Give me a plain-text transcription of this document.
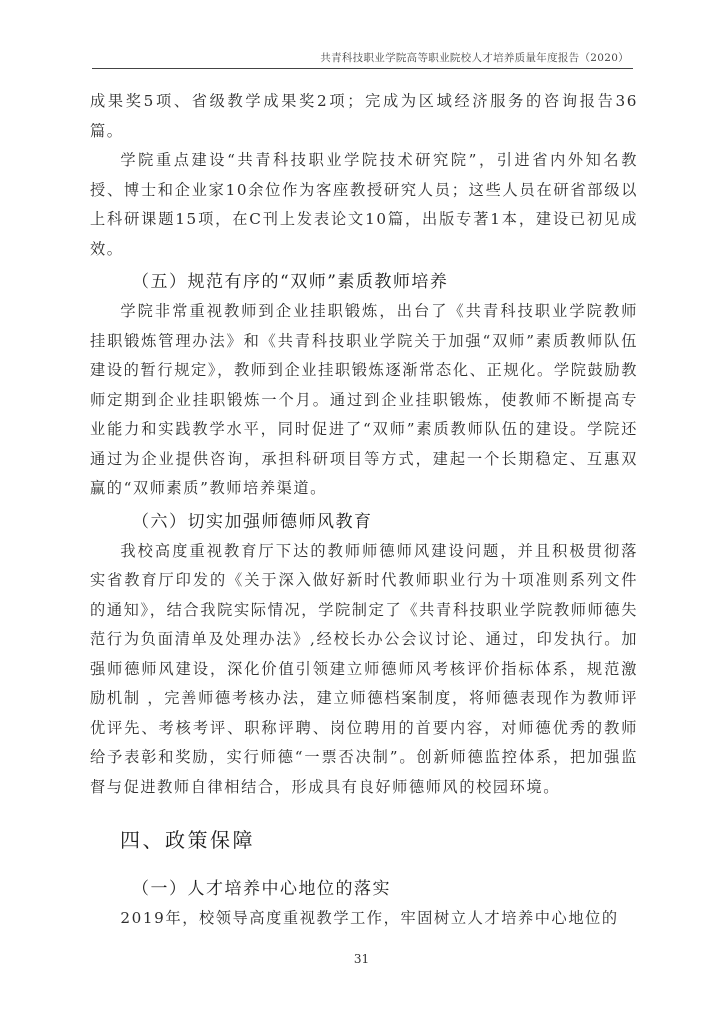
共青科技职业学院高等职业院校人才培养质量年度报告（2020）

成果奖5项、省级教学成果奖2项；完成为区域经济服务的咨询报告36篇。

学院重点建设“共青科技职业学院技术研究院”，引进省内外知名教授、博士和企业家10余位作为客座教授研究人员；这些人员在研省部级以上科研课题15项，在C刊上发表论文10篇，出版专著1本，建设已初见成效。

（五）规范有序的“双师”素质教师培养

学院非常重视教师到企业挂职锻炼，出台了《共青科技职业学院教师挂职锻炼管理办法》和《共青科技职业学院关于加强“双师”素质教师队伍建设的暂行规定》，教师到企业挂职锻炼逐渐常态化、正规化。学院鼓励教师定期到企业挂职锻炼一个月。通过到企业挂职锻炼，使教师不断提高专业能力和实践教学水平，同时促进了“双师”素质教师队伍的建设。学院还通过为企业提供咨询，承担科研项目等方式，建起一个长期稳定、互惠双赢的“双师素质”教师培养渠道。

（六）切实加强师德师风教育

我校高度重视教育厅下达的教师师德师风建设问题，并且积极贯彻落实省教育厅印发的《关于深入做好新时代教师职业行为十项准则系列文件的通知》，结合我院实际情况，学院制定了《共青科技职业学院教师师德失范行为负面清单及处理办法》,经校长办公会议讨论、通过，印发执行。加强师德师风建设，深化价值引领建立师德师风考核评价指标体系，规范激励机制 ，完善师德考核办法，建立师德档案制度，将师德表现作为教师评优评先、考核考评、职称评聘、岗位聘用的首要内容，对师德优秀的教师给予表彰和奖励，实行师德“一票否决制”。创新师德监控体系，把加强监督与促进教师自律相结合，形成具有良好师德师风的校园环境。

四、政策保障
（一）人才培养中心地位的落实

2019年，校领导高度重视教学工作，牢固树立人才培养中心地位的

31
